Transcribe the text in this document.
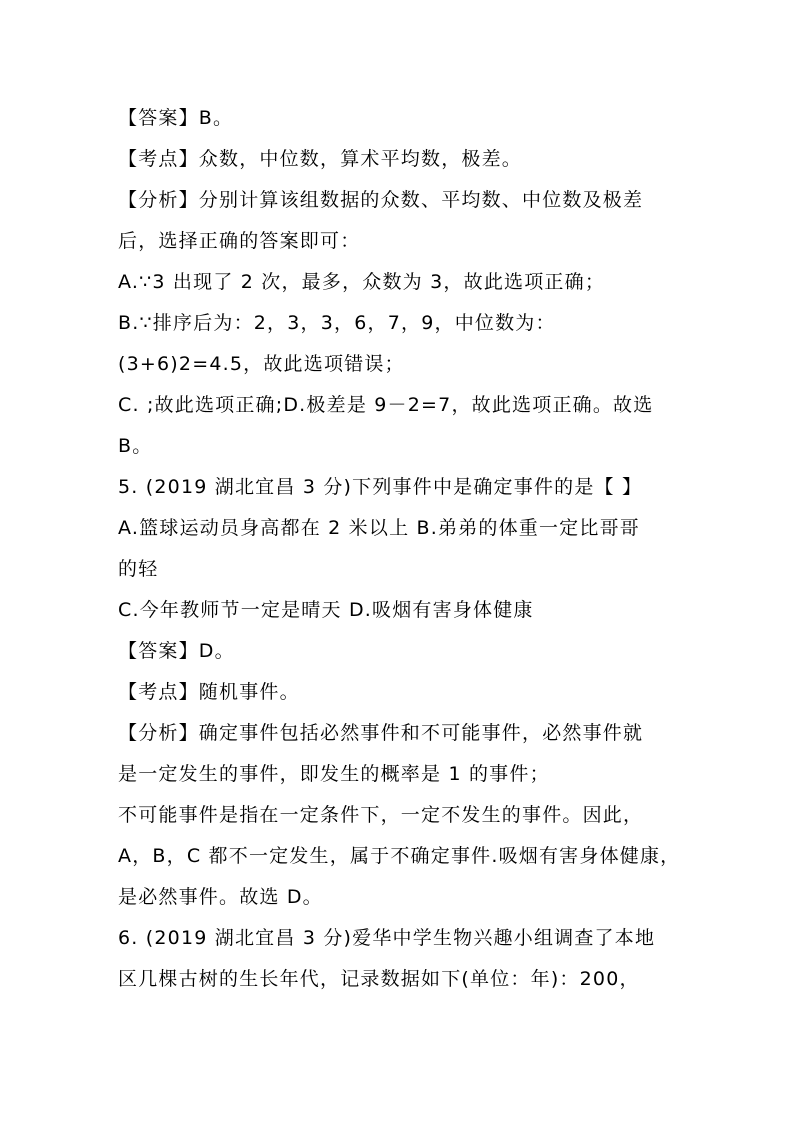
【答案】B。
【考点】众数，中位数，算术平均数，极差。
【分析】分别计算该组数据的众数、平均数、中位数及极差
后，选择正确的答案即可：
A.∵3 出现了 2 次，最多，众数为 3，故此选项正确；
B.∵排序后为：2，3，3，6，7，9，中位数为：
(3+6)2=4.5，故此选项错误；
C. ;故此选项正确;D.极差是 9－2=7，故此选项正确。故选
B。
5. (2019 湖北宜昌 3 分)下列事件中是确定事件的是【 】
A.篮球运动员身高都在 2 米以上 B.弟弟的体重一定比哥哥
的轻
C.今年教师节一定是晴天 D.吸烟有害身体健康
【答案】D。
【考点】随机事件。
【分析】确定事件包括必然事件和不可能事件，必然事件就
是一定发生的事件，即发生的概率是 1 的事件；
不可能事件是指在一定条件下，一定不发生的事件。因此，
A，B，C 都不一定发生，属于不确定事件.吸烟有害身体健康，
是必然事件。故选 D。
6. (2019 湖北宜昌 3 分)爱华中学生物兴趣小组调查了本地
区几棵古树的生长年代，记录数据如下(单位：年)：200，
